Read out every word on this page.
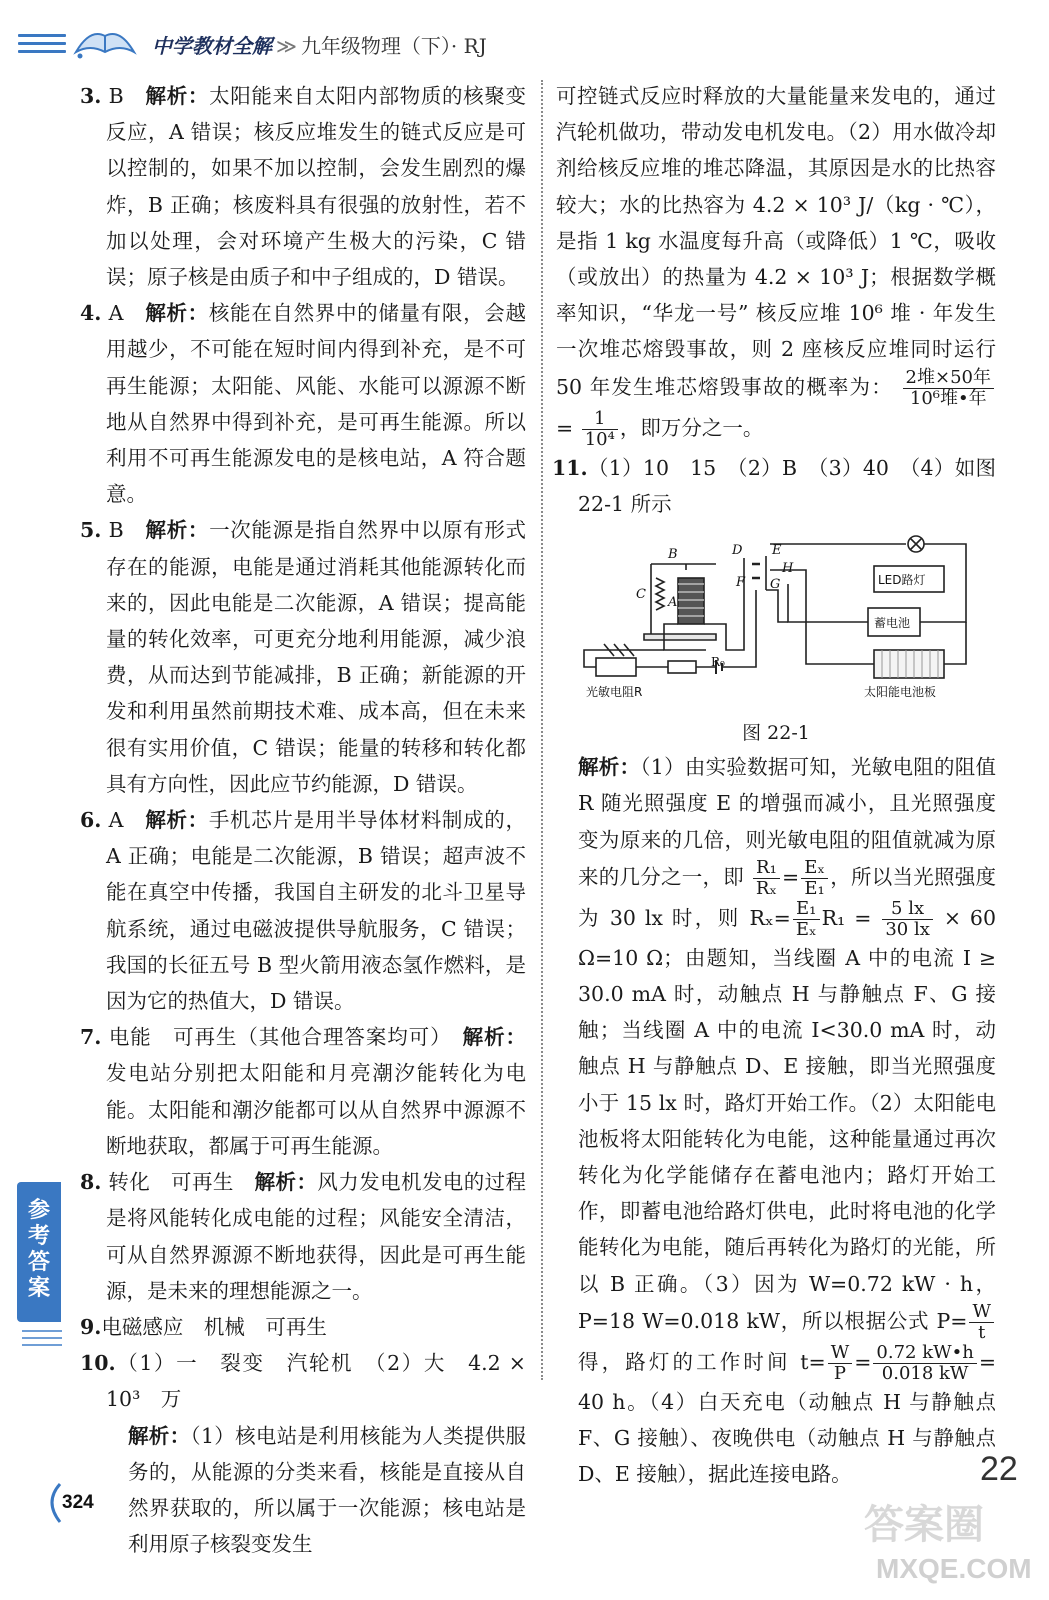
中学教材全解 ≫ 九年级物理（下）· RJ
3. B　 解析：太阳能来自太阳内部物质的核聚变反应，A 错误；核反应堆发生的链式反应是可以控制的，如果不加以控制，会发生剧烈的爆炸，B 正确；核废料具有很强的放射性，若不加以处理，会对环境产生极大的污染，C 错误；原子核是由质子和中子组成的，D 错误。
4. A　 解析：核能在自然界中的储量有限，会越用越少，不可能在短时间内得到补充，是不可再生能源；太阳能、风能、水能可以源源不断地从自然界中得到补充，是可再生能源。所以利用不可再生能源发电的是核电站，A 符合题意。
5. B　 解析：一次能源是指自然界中以原有形式存在的能源，电能是通过消耗其他能源转化而来的，因此电能是二次能源，A 错误；提高能量的转化效率，可更充分地利用能源，减少浪费，从而达到节能减排，B 正确；新能源的开发和利用虽然前期技术难、成本高，但在未来很有实用价值，C 错误；能量的转移和转化都具有方向性，因此应节约能源，D 错误。
6. A　 解析：手机芯片是用半导体材料制成的，A 正确；电能是二次能源，B 错误；超声波不能在真空中传播，我国自主研发的北斗卫星导航系统，通过电磁波提供导航服务，C 错误；我国的长征五号 B 型火箭用液态氢作燃料，是因为它的热值大，D 错误。
7. 电能　可再生（其他合理答案均可）　 解析：发电站分别把太阳能和月亮潮汐能转化为电能。太阳能和潮汐能都可以从自然界中源源不断地获取，都属于可再生能源。
8. 转化　可再生　 解析：风力发电机发电的过程是将风能转化成电能的过程；风能安全清洁，可从自然界源源不断地获得，因此是可再生能源，是未来的理想能源之一。
9.电磁感应　机械　可再生
10.（1）一　裂变　汽轮机　（2）大　4.2 × 10³　万

解析：（1）核电站是利用核能为人类提供服务的，从能源的分类来看，核能是直接从自然界获取的，所以属于一次能源；核电站是利用原子核裂变发生

可控链式反应时释放的大量能量来发电的，通过汽轮机做功，带动发电机发电。（2）用水做冷却剂给核反应堆的堆芯降温，其原因是水的比热容较大；水的比热容为 4.2 × 10³ J/（kg · ℃），是指 1 kg 水温度每升高（或降低）1 ℃，吸收（或放出）的热量为 4.2 × 10³ J；根据数学概率知识，“华龙一号” 核反应堆 10⁶ 堆 · 年发生一次堆芯熔毁事故，则 2 座核反应堆同时运行 50 年发生堆芯熔毁事故的概率为： $\frac{\text{2堆×50年}}{\text{10⁶堆•年}}$
= $\frac{1}{\text{10⁴}}$ ，即万分之一。

11.（1）10　15　（2）B　（3）40　（4）如图 22-1 所示
B
C
A
D E
F G
H
R₀
LED路灯
蓄电池
太阳能电池板
光敏电阻R

图 22-1

解析：（1）由实验数据可知，光敏电阻的阻值 R 随光照强度 E 的增强而减小，且光照强度变为原来的几倍，则光敏电阻的阻值就减为原来的几分之一，即 $\frac{\text{R₁}}{\text{Rₓ}} = \frac{\text{Eₓ}}{\text{E₁}}$ ，所以当光照强度为 30 lx 时，则 $R_x= \frac{\text{E₁}}{\text{Eₓ}} R_1 = \frac{5 lx}{30 lx} \times 60$ Ω=10 Ω；由题知，当线圈 A 中的电流 I ≥ 30.0 mA 时，动触点 H 与静触点 F、G 接触；当线圈 A 中的电流 I<30.0 mA 时，动触点 H 与静触点 D、E 接触，即当光照强度小于 15 lx 时，路灯开始工作。（2）太阳能电池板将太阳能转化为电能，这种能量通过再次转化为化学能储存在蓄电池内；路灯开始工作，即蓄电池给路灯供电，此时将电池的化学能转化为电能，随后再转化为路灯的光能，所以 B 正确。（3）因为 W=0.72 kW · h，P=18 W=0.018 kW，所以根据公式 $P= \frac{W}{t}$
得，路灯的工作时间 $t= \frac{W}{P} = \frac{0.72 kW•h}{0.018 kW} = 40$ h。（4）白天充电（动触点 H 与静触点 F、G 接触）、夜晚供电（动触点 H 与静触点 D、E 接触），据此连接电路。

参
考
答
案
324
22
答案圈
MXQE.COM
